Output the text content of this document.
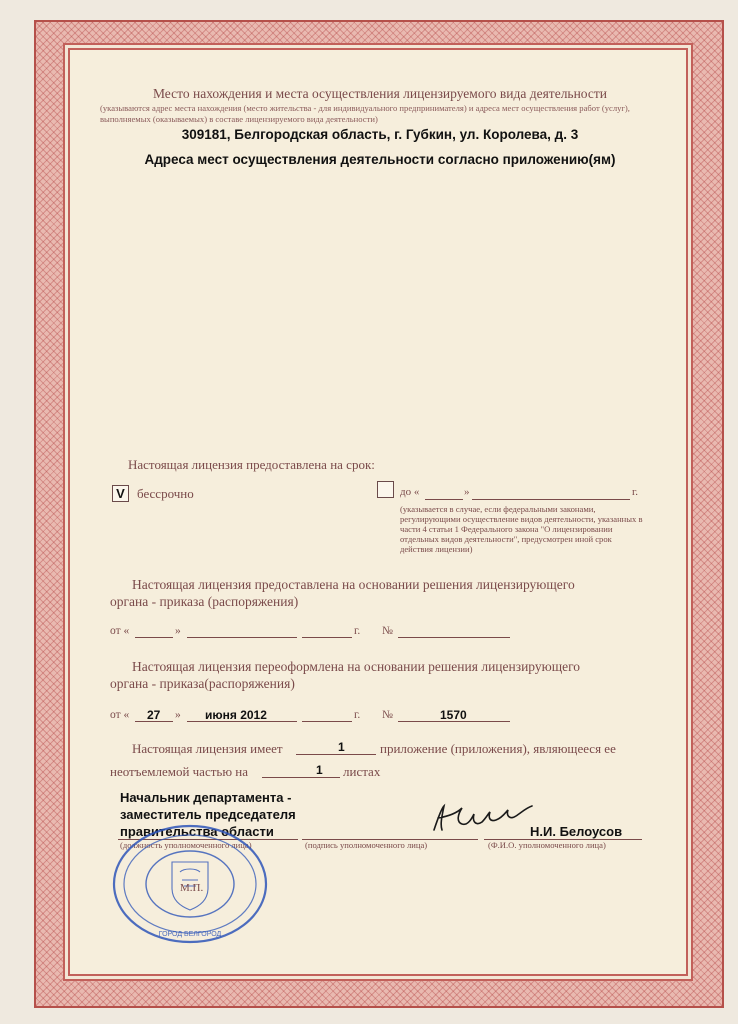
Место нахождения и места осуществления лицензируемого вида деятельности
(указываются адрес места нахождения (место жительства - для индивидуального предпринимателя) и адреса мест осуществления работ (услуг), выполняемых (оказываемых) в составе лицензируемого вида деятельности)
309181, Белгородская область, г. Губкин, ул. Королева, д. 3
Адреса мест осуществления деятельности согласно приложению(ям)
Настоящая лицензия предоставлена на срок:
V бессрочно	до «	»	г.
(указывается в случае, если федеральными законами, регулирующими осуществление видов деятельности, указанных в части 4 статьи 1 Федерального закона "О лицензировании отдельных видов деятельности", предусмотрен иной срок действия лицензии)
Настоящая лицензия предоставлена на основании решения лицензирующего
органа - приказа (распоряжения)
от «	»	г. №
Настоящая лицензия переоформлена на основании решения лицензирующего
органа - приказа(распоряжения)
от « 27 » июня 2012	г. №	1570
Настоящая лицензия имеет	1	приложение (приложения), являющееся ее
неотъемлемой частью на	1 листах
Начальник департамента -
заместитель председателя
правительства области	Н.И. Белоусов
(должность уполномоченного лица)	(подпись уполномоченного лица)	(Ф.И.О. уполномоченного лица)
ГОРОД БЕЛГОРОД
М.П.
